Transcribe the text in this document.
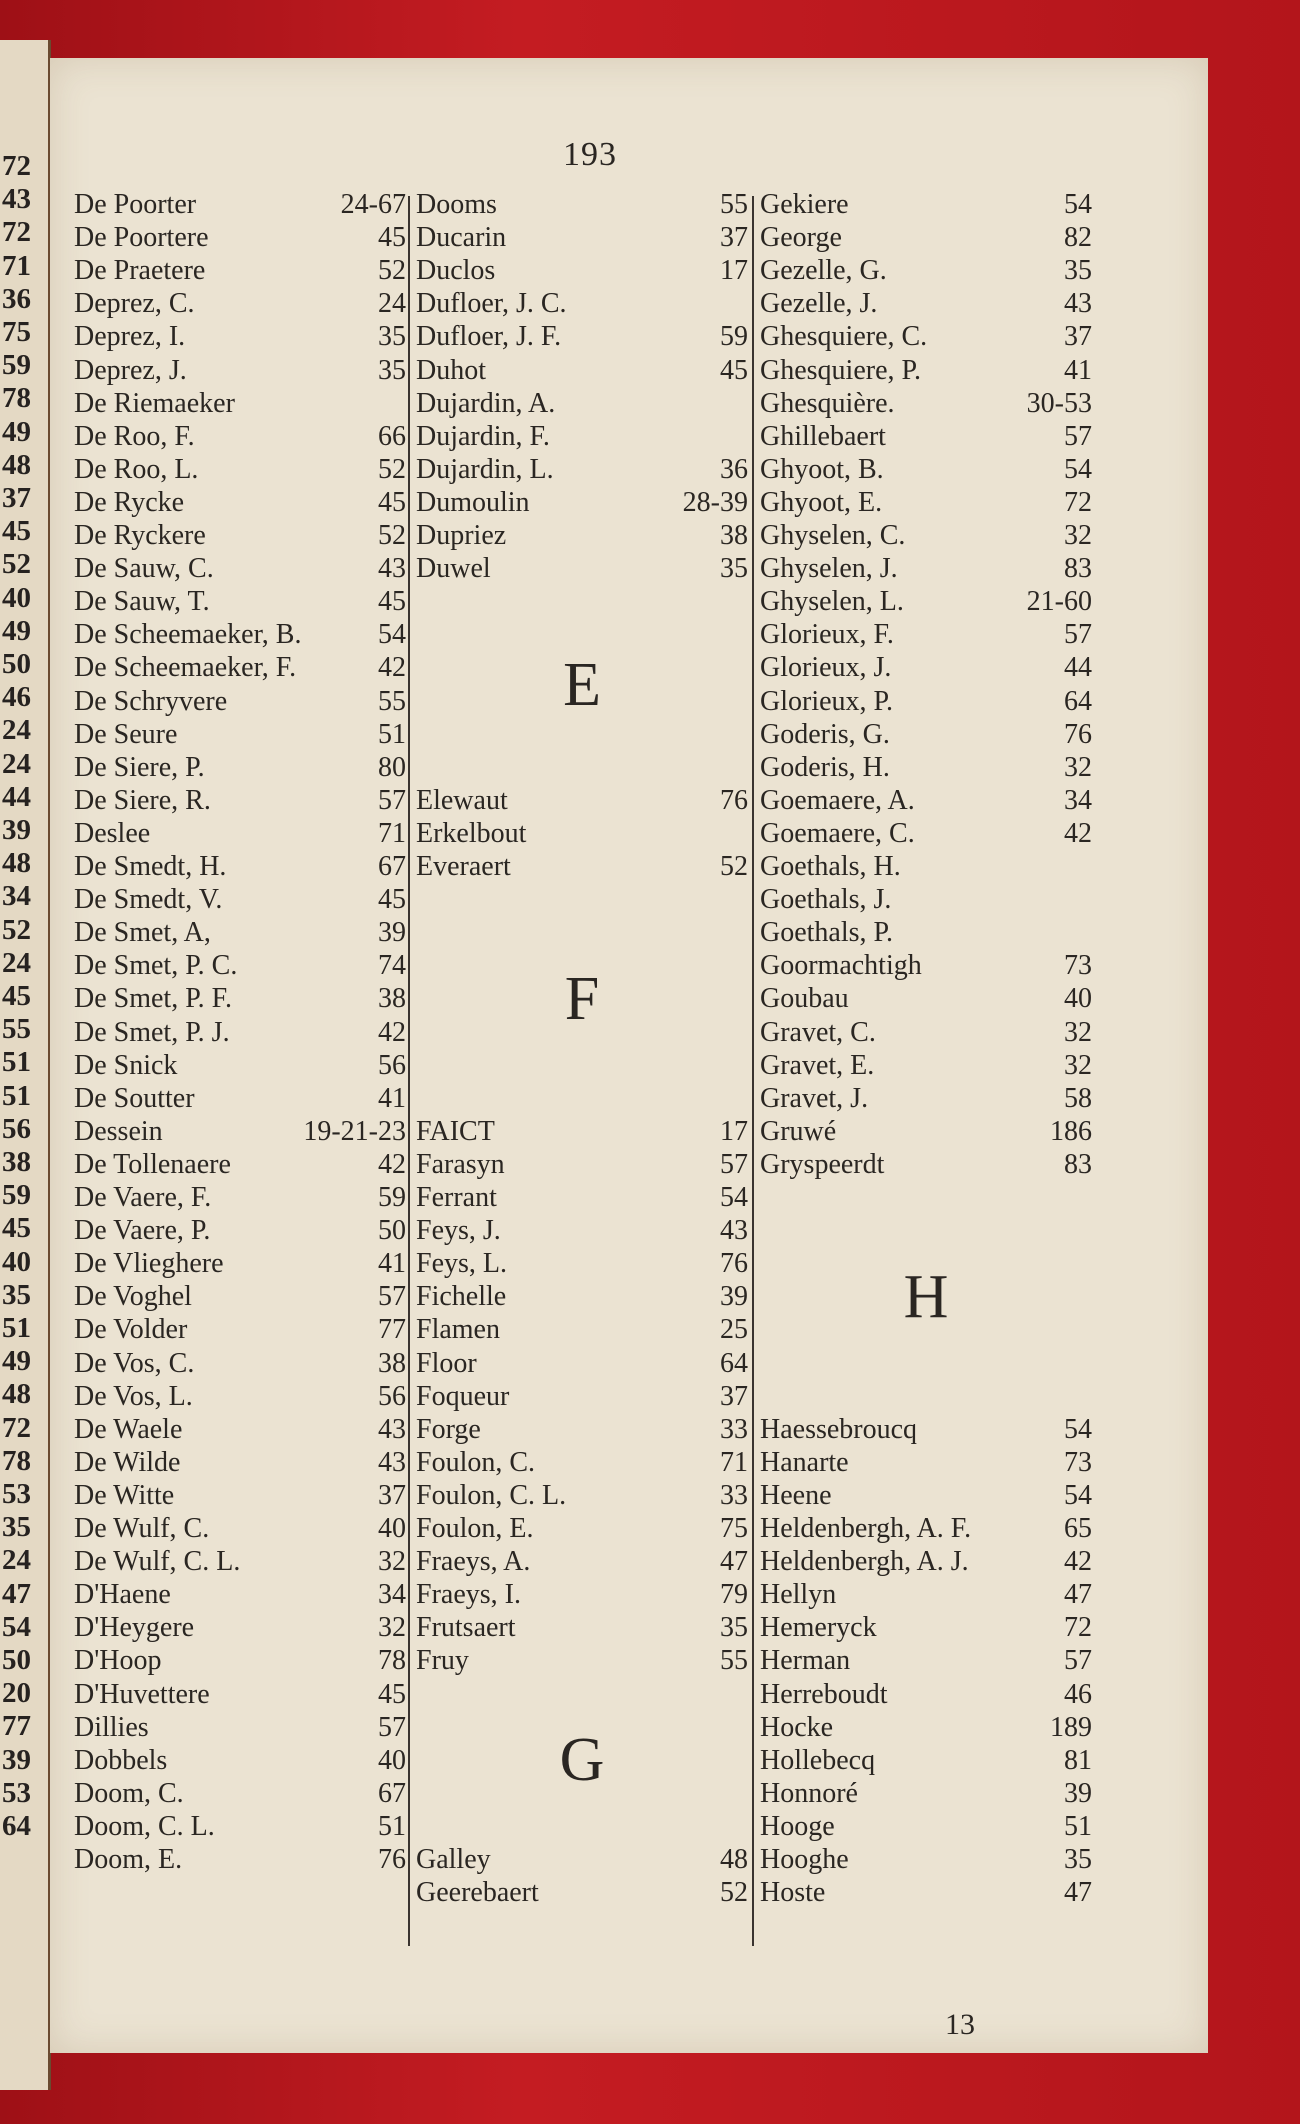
72
43
72
71
36
75
59
78
49
48
37
45
52
40
49
50
46
24
24
44
39
48
34
52
24
45
55
51
51
56
38
59
45
40
35
51
49
48
72
78
53
35
24
47
54
50
20
77
39
53
64
193
De Poorter	24-67
De Poortere	45
De Praetere	52
Deprez, C.	24
Deprez, I.	35
Deprez, J.	35
De Riemaeker
De Roo, F.	66
De Roo, L.	52
De Rycke	45
De Ryckere	52
De Sauw, C.	43
De Sauw, T.	45
De Scheemaeker, B.	54
De Scheemaeker, F.	42
De Schryvere	55
De Seure	51
De Siere, P.	80
De Siere, R.	57
Desleе	71
De Smedt, H.	67
De Smedt, V.	45
De Smet, A,	39
De Smet, P. C.	74
De Smet, P. F.	38
De Smet, P. J.	42
De Snick	56
De Soutter	41
Dessein	19-21-23
De Tollenaere	42
De Vaere, F.	59
De Vaere, P.	50
De Vlieghere	41
De Voghel	57
De Volder	77
De Vos, C.	38
De Vos, L.	56
De Waele	43
De Wilde	43
De Witte	37
De Wulf, C.	40
De Wulf, C. L.	32
D'Haene	34
D'Heygere	32
D'Hoop	78
D'Huvettere	45
Dillies	57
Dobbels	40
Doom, C.	67
Doom, C. L.	51
Doom, E.	76
Dooms	55
Ducarin	37
Duclos	17
Dufloer, J. C.
Dufloer, J. F.	59
Duhot	45
Dujardin, A.
Dujardin, F.
Dujardin, L.	36
Dumoulin	28-39
Dupriez	38
Duwel	35
E
Elewaut	76
Erkelbout
Everaert	52
F
FAICT	17
Farasyn	57
Ferrant	54
Feys, J.	43
Feys, L.	76
Fichelle	39
Flamen	25
Floor	64
Foqueur	37
Forge	33
Foulon, C.	71
Foulon, C. L.	33
Foulon, E.	75
Fraeys, A.	47
Fraeys, I.	79
Frutsaert	35
Fruy	55
G
Galley	48
Geerebaert	52
Gekiere	54
George	82
Gezelle, G.	35
Gezelle, J.	43
Ghesquiere, C.	37
Ghesquiere, P.	41
Ghesquière.	30-53
Ghillebaert	57
Ghyoot, B.	54
Ghyoot, E.	72
Ghyselen, C.	32
Ghyselen, J.	83
Ghyselen, L.	21-60
Glorieux, F.	57
Glorieux, J.	44
Glorieux, P.	64
Goderis, G.	76
Goderis, H.	32
Goemaere, A.	34
Goemaere, C.	42
Goethals, H.
Goethals, J.
Goethals, P.
Goormachtigh	73
Goubau	40
Gravet, C.	32
Gravet, E.	32
Gravet, J.	58
Gruwé	186
Gryspeerdt	83
H
Haessebroucq	54
Hanarte	73
Heene	54
Heldenbergh, A. F.	65
Heldenbergh, A. J.	42
Hellyn	47
Hemeryck	72
Herman	57
Herreboudt	46
Hocke	189
Hollebecq	81
Honnoré	39
Hooge	51
Hooghe	35
Hoste	47
13
